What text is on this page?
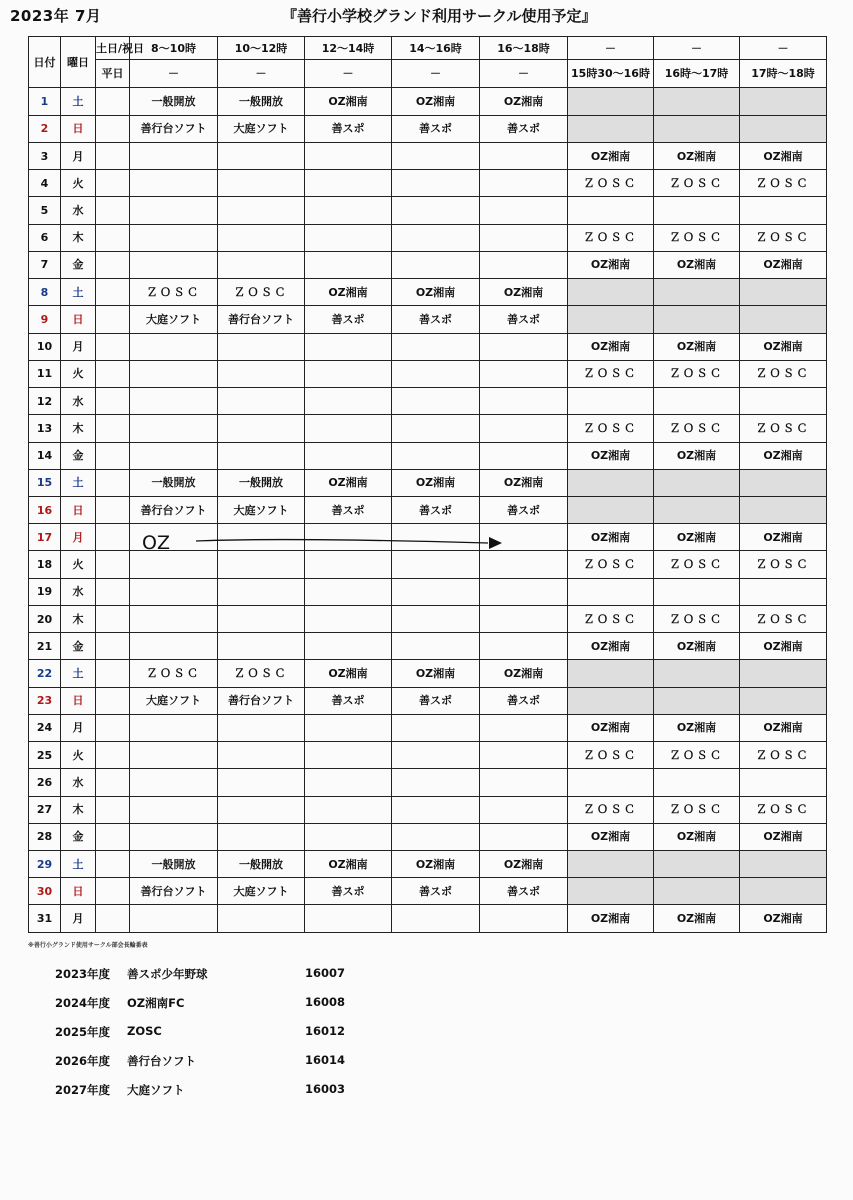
2023年 7月	『善行小学校グランド利用サークル使用予定』
日付	曜日	土日/祝日	8～10時	10～12時	12～14時	14～16時	16～18時	－	－	－
		平日	－	－	－	－	－	15時30～16時	16時～17時	17時～18時
1	土		一般開放	一般開放	OZ湘南	OZ湘南	OZ湘南			
2	日		善行台ソフト	大庭ソフト	善スポ	善スポ	善スポ			
3	月							OZ湘南	OZ湘南	OZ湘南
4	火							ＺＯＳＣ	ＺＯＳＣ	ＺＯＳＣ
5	水									
6	木							ＺＯＳＣ	ＺＯＳＣ	ＺＯＳＣ
7	金							OZ湘南	OZ湘南	OZ湘南
8	土		ＺＯＳＣ	ＺＯＳＣ	OZ湘南	OZ湘南	OZ湘南			
9	日		大庭ソフト	善行台ソフト	善スポ	善スポ	善スポ			
10	月							OZ湘南	OZ湘南	OZ湘南
11	火							ＺＯＳＣ	ＺＯＳＣ	ＺＯＳＣ
12	水									
13	木							ＺＯＳＣ	ＺＯＳＣ	ＺＯＳＣ
14	金							OZ湘南	OZ湘南	OZ湘南
15	土		一般開放	一般開放	OZ湘南	OZ湘南	OZ湘南			
16	日		善行台ソフト	大庭ソフト	善スポ	善スポ	善スポ			
17	月							OZ湘南	OZ湘南	OZ湘南
18	火							ＺＯＳＣ	ＺＯＳＣ	ＺＯＳＣ
19	水									
20	木							ＺＯＳＣ	ＺＯＳＣ	ＺＯＳＣ
21	金							OZ湘南	OZ湘南	OZ湘南
22	土		ＺＯＳＣ	ＺＯＳＣ	OZ湘南	OZ湘南	OZ湘南			
23	日		大庭ソフト	善行台ソフト	善スポ	善スポ	善スポ			
24	月							OZ湘南	OZ湘南	OZ湘南
25	火							ＺＯＳＣ	ＺＯＳＣ	ＺＯＳＣ
26	水									
27	木							ＺＯＳＣ	ＺＯＳＣ	ＺＯＳＣ
28	金							OZ湘南	OZ湘南	OZ湘南
29	土		一般開放	一般開放	OZ湘南	OZ湘南	OZ湘南			
30	日		善行台ソフト	大庭ソフト	善スポ	善スポ	善スポ			
31	月							OZ湘南	OZ湘南	OZ湘南
OZ
※善行小グランド使用サークル部会長輪番表
2023年度 善スポ少年野球	16007
2024年度 OZ湘南FC	16008
2025年度 ZOSC	16012
2026年度 善行台ソフト	16014
2027年度 大庭ソフト	16003
